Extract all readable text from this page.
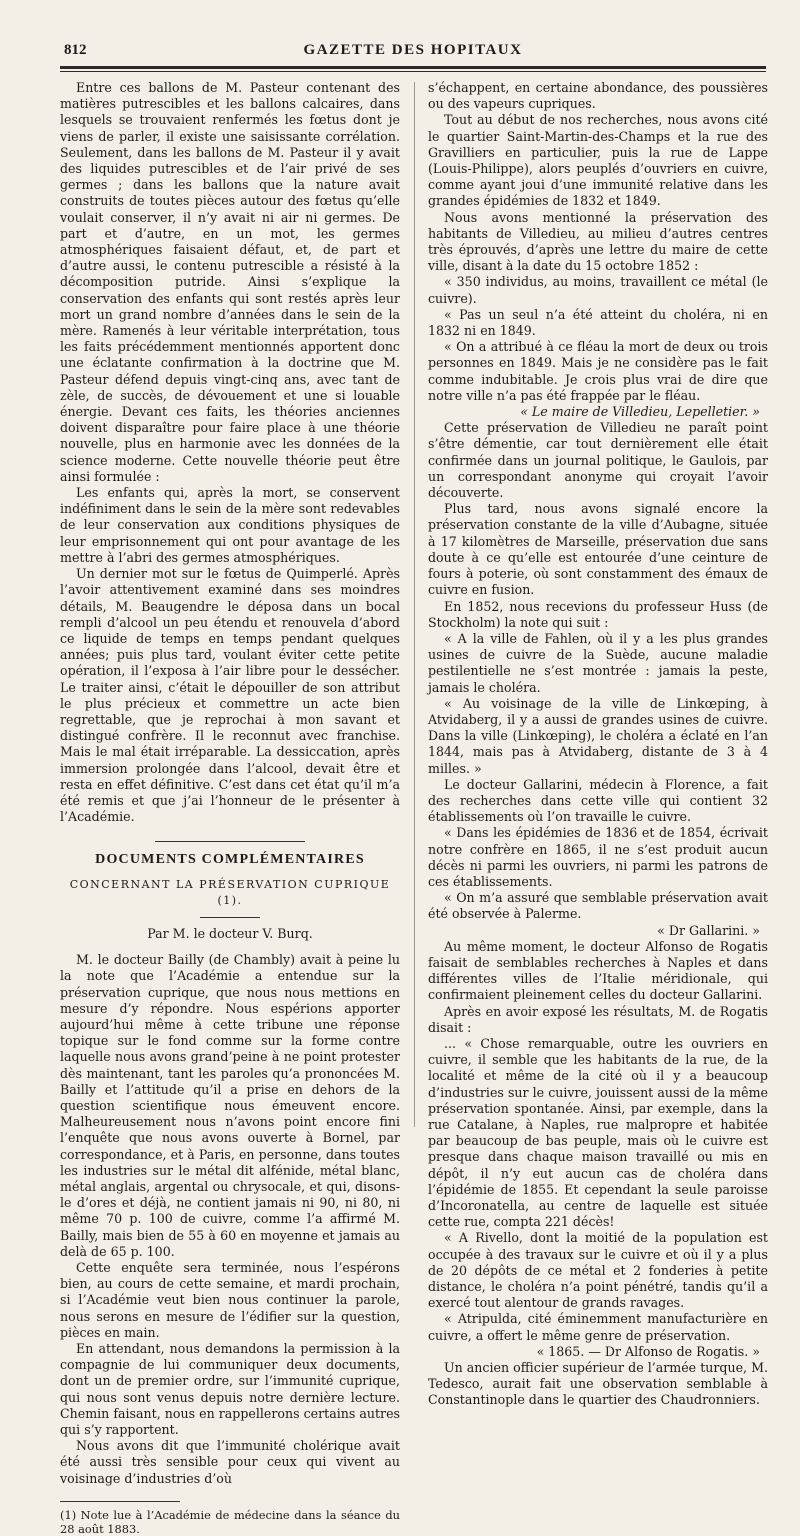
812	GAZETTE DES HOPITAUX

Entre ces ballons de M. Pasteur contenant des matières putrescibles et les ballons calcaires, dans lesquels se trouvaient renfermés les fœtus dont je viens de parler, il existe une saisissante corrélation. Seulement, dans les ballons de M. Pasteur il y avait des liquides putrescibles et de l’air privé de ses germes ; dans les ballons que la nature avait construits de toutes pièces autour des fœtus qu’elle voulait conserver, il n’y avait ni air ni germes. De part et d’autre, en un mot, les germes atmosphériques faisaient défaut, et, de part et d’autre aussi, le contenu putrescible a résisté à la décomposition putride. Ainsi s’explique la conservation des enfants qui sont restés après leur mort un grand nombre d’années dans le sein de la mère. Ramenés à leur véritable interprétation, tous les faits précédemment mentionnés apportent donc une éclatante confirmation à la doctrine que M. Pasteur défend depuis vingt-cinq ans, avec tant de zèle, de succès, de dévouement et une si louable énergie. Devant ces faits, les théories anciennes doivent disparaître pour faire place à une théorie nouvelle, plus en harmonie avec les données de la science moderne. Cette nouvelle théorie peut être ainsi formulée :

Les enfants qui, après la mort, se conservent indéfiniment dans le sein de la mère sont redevables de leur conservation aux conditions physiques de leur emprisonnement qui ont pour avantage de les mettre à l’abri des germes atmosphériques.

Un dernier mot sur le fœtus de Quimperlé. Après l’avoir attentivement examiné dans ses moindres détails, M. Beaugendre le déposa dans un bocal rempli d’alcool un peu étendu et renouvela d’abord ce liquide de temps en temps pendant quelques années; puis plus tard, voulant éviter cette petite opération, il l’exposa à l’air libre pour le dessécher. Le traiter ainsi, c’était le dépouiller de son attribut le plus précieux et commettre un acte bien regrettable, que je reprochai à mon savant et distingué confrère. Il le reconnut avec franchise. Mais le mal était irréparable. La dessiccation, après immersion prolongée dans l’alcool, devait être et resta en effet définitive. C’est dans cet état qu’il m’a été remis et que j’ai l’honneur de le présenter à l’Académie.

DOCUMENTS COMPLÉMENTAIRES
CONCERNANT LA PRÉSERVATION CUPRIQUE (1).
Par M. le docteur V. Burq.

M. le docteur Bailly (de Chambly) avait à peine lu la note que l’Académie a entendue sur la préservation cuprique, que nous nous mettions en mesure d’y répondre. Nous espérions apporter aujourd’hui même à cette tribune une réponse topique sur le fond comme sur la forme contre laquelle nous avons grand’peine à ne point protester dès maintenant, tant les paroles qu’a prononcées M. Bailly et l’attitude qu’il a prise en dehors de la question scientifique nous émeuvent encore. Malheureusement nous n’avons point encore fini l’enquête que nous avons ouverte à Bornel, par correspondance, et à Paris, en personne, dans toutes les industries sur le métal dit alfénide, métal blanc, métal anglais, argental ou chrysocale, et qui, disons-le d’ores et déjà, ne contient jamais ni 90, ni 80, ni même 70 p. 100 de cuivre, comme l’a affirmé M. Bailly, mais bien de 55 à 60 en moyenne et jamais au delà de 65 p. 100.

Cette enquête sera terminée, nous l’espérons bien, au cours de cette semaine, et mardi prochain, si l’Académie veut bien nous continuer la parole, nous serons en mesure de l’édifier sur la question, pièces en main.

En attendant, nous demandons la permission à la compagnie de lui communiquer deux documents, dont un de premier ordre, sur l’immunité cuprique, qui nous sont venus depuis notre dernière lecture. Chemin faisant, nous en rappellerons certains autres qui s’y rapportent.

Nous avons dit que l’immunité cholérique avait été aussi très sensible pour ceux qui vivent au voisinage d’industries d’où

(1) Note lue à l’Académie de médecine dans la séance du 28 août 1883.

s’échappent, en certaine abondance, des poussières ou des vapeurs cupriques.

Tout au début de nos recherches, nous avons cité le quartier Saint-Martin-des-Champs et la rue des Gravilliers en particulier, puis la rue de Lappe (Louis-Philippe), alors peuplés d’ouvriers en cuivre, comme ayant joui d’une immunité relative dans les grandes épidémies de 1832 et 1849.

Nous avons mentionné la préservation des habitants de Villedieu, au milieu d’autres centres très éprouvés, d’après une lettre du maire de cette ville, disant à la date du 15 octobre 1852 :

« 350 individus, au moins, travaillent ce métal (le cuivre).

« Pas un seul n’a été atteint du choléra, ni en 1832 ni en 1849.

« On a attribué à ce fléau la mort de deux ou trois personnes en 1849. Mais je ne considère pas le fait comme indubitable. Je crois plus vrai de dire que notre ville n’a pas été frappée par le fléau.

« Le maire de Villedieu, Lepelletier. »

Cette préservation de Villedieu ne paraît point s’être démentie, car tout dernièrement elle était confirmée dans un journal politique, le Gaulois, par un correspondant anonyme qui croyait l’avoir découverte.

Plus tard, nous avons signalé encore la préservation constante de la ville d’Aubagne, située à 17 kilomètres de Marseille, préservation due sans doute à ce qu’elle est entourée d’une ceinture de fours à poterie, où sont constamment des émaux de cuivre en fusion.

En 1852, nous recevions du professeur Huss (de Stockholm) la note qui suit :

« A la ville de Fahlen, où il y a les plus grandes usines de cuivre de la Suède, aucune maladie pestilentielle ne s’est montrée : jamais la peste, jamais le choléra.

« Au voisinage de la ville de Linkœping, à Atvidaberg, il y a aussi de grandes usines de cuivre. Dans la ville (Linkœping), le choléra a éclaté en l’an 1844, mais pas à Atvidaberg, distante de 3 à 4 milles. »

Le docteur Gallarini, médecin à Florence, a fait des recherches dans cette ville qui contient 32 établissements où l’on travaille le cuivre.

« Dans les épidémies de 1836 et de 1854, écrivait notre confrère en 1865, il ne s’est produit aucun décès ni parmi les ouvriers, ni parmi les patrons de ces établissements.

« On m’a assuré que semblable préservation avait été observée à Palerme.

« Dr Gallarini. »

Au même moment, le docteur Alfonso de Rogatis faisait de semblables recherches à Naples et dans différentes villes de l’Italie méridionale, qui confirmaient pleinement celles du docteur Gallarini.

Après en avoir exposé les résultats, M. de Rogatis disait :

... « Chose remarquable, outre les ouvriers en cuivre, il semble que les habitants de la rue, de la localité et même de la cité où il y a beaucoup d’industries sur le cuivre, jouissent aussi de la même préservation spontanée. Ainsi, par exemple, dans la rue Catalane, à Naples, rue malpropre et habitée par beaucoup de bas peuple, mais où le cuivre est presque dans chaque maison travaillé ou mis en dépôt, il n’y eut aucun cas de choléra dans l’épidémie de 1855. Et cependant la seule paroisse d’Incoronatella, au centre de laquelle est située cette rue, compta 221 décès!

« A Rivello, dont la moitié de la population est occupée à des travaux sur le cuivre et où il y a plus de 20 dépôts de ce métal et 2 fonderies à petite distance, le choléra n’a point pénétré, tandis qu’il a exercé tout alentour de grands ravages.

« Atripulda, cité éminemment manufacturière en cuivre, a offert le même genre de préservation.

« 1865. — Dr Alfonso de Rogatis. »

Un ancien officier supérieur de l’armée turque, M. Tedesco, aurait fait une observation semblable à Constantinople dans le quartier des Chaudronniers.
